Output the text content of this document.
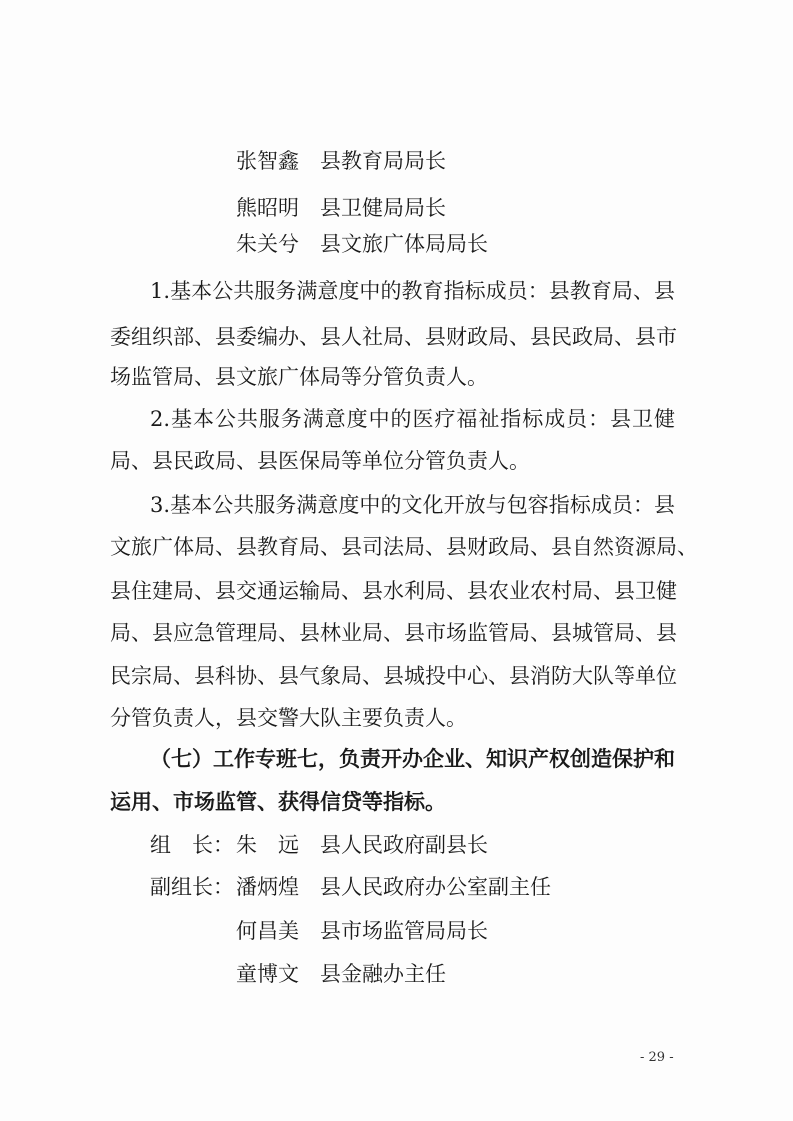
张智鑫 县教育局局长
熊昭明 县卫健局局长
朱关兮 县文旅广体局局长
1.基本公共服务满意度中的教育指标成员：县教育局、县
委组织部、县委编办、县人社局、县财政局、县民政局、县市
场监管局、县文旅广体局等分管负责人。
2.基本公共服务满意度中的医疗福祉指标成员：县卫健
局、县民政局、县医保局等单位分管负责人。
3.基本公共服务满意度中的文化开放与包容指标成员：县
文旅广体局、县教育局、县司法局、县财政局、县自然资源局、
县住建局、县交通运输局、县水利局、县农业农村局、县卫健
局、县应急管理局、县林业局、县市场监管局、县城管局、县
民宗局、县科协、县气象局、县城投中心、县消防大队等单位
分管负责人，县交警大队主要负责人。
（七）工作专班七，负责开办企业、知识产权创造保护和
运用、市场监管、获得信贷等指标。
组　长： 朱　远 县人民政府副县长
副组长： 潘炳煌 县人民政府办公室副主任
何昌美 县市场监管局局长
童博文 县金融办主任
- 29 -
